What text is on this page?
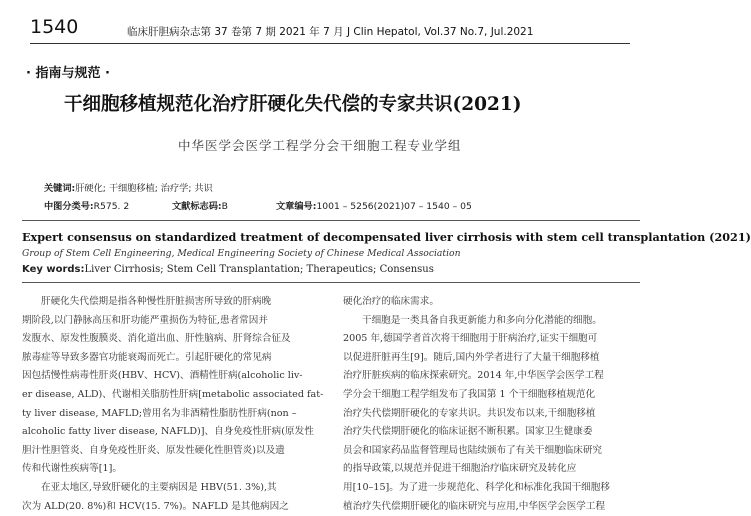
1540	临床肝胆病杂志第 37 卷第 7 期 2021 年 7 月 J Clin Hepatol, Vol.37 No.7, Jul.2021
· 指南与规范 ·
干细胞移植规范化治疗肝硬化失代偿的专家共识(2021)
中华医学会医学工程学分会干细胞工程专业学组
关键词:肝硬化; 干细胞移植; 治疗学; 共识
中图分类号:R575. 2	文献标志码:B	文章编号:1001 – 5256(2021)07 – 1540 – 05
Expert consensus on standardized treatment of decompensated liver cirrhosis with stem cell transplantation (2021)
Group of Stem Cell Engineering, Medical Engineering Society of Chinese Medical Association
Key words:Liver Cirrhosis; Stem Cell Transplantation; Therapeutics; Consensus
肝硬化失代偿期是指各种慢性肝脏损害所导致的肝病晚
期阶段,以门静脉高压和肝功能严重损伤为特征,患者常因并
发腹水、原发性腹膜炎、消化道出血、肝性脑病、肝肾综合征及
脓毒症等导致多器官功能衰竭而死亡。引起肝硬化的常见病
因包括慢性病毒性肝炎(HBV、HCV)、酒精性肝病(alcoholic liv-
er disease, ALD)、代谢相关脂肪性肝病[metabolic associated fat-
ty liver disease, MAFLD;曾用名为非酒精性脂肪性肝病(non –
alcoholic fatty liver disease, NAFLD)]、自身免疫性肝病(原发性
胆汁性胆管炎、自身免疫性肝炎、原发性硬化性胆管炎)以及遗
传和代谢性疾病等[1]。
在亚太地区,导致肝硬化的主要病因是 HBV(51. 3%),其
次为 ALD(20. 8%)和 HCV(15. 7%)。NAFLD 是其他病因之
硬化治疗的临床需求。
干细胞是一类具备自我更新能力和多向分化潜能的细胞。
2005 年,德国学者首次将干细胞用于肝病治疗,证实干细胞可
以促进肝脏再生[9]。随后,国内外学者进行了大量干细胞移植
治疗肝脏疾病的临床探索研究。2014 年,中华医学会医学工程
学分会干细胞工程学组发布了我国第 1 个干细胞移植规范化
治疗失代偿期肝硬化的专家共识。共识发布以来,干细胞移植
治疗失代偿期肝硬化的临床证据不断积累。国家卫生健康委
员会和国家药品监督管理局也陆续颁布了有关干细胞临床研究
的指导政策,以规范并促进干细胞治疗临床研究及转化应
用[10–15]。为了进一步规范化、科学化和标准化我国干细胞移
植治疗失代偿期肝硬化的临床研究与应用,中华医学会医学工程
